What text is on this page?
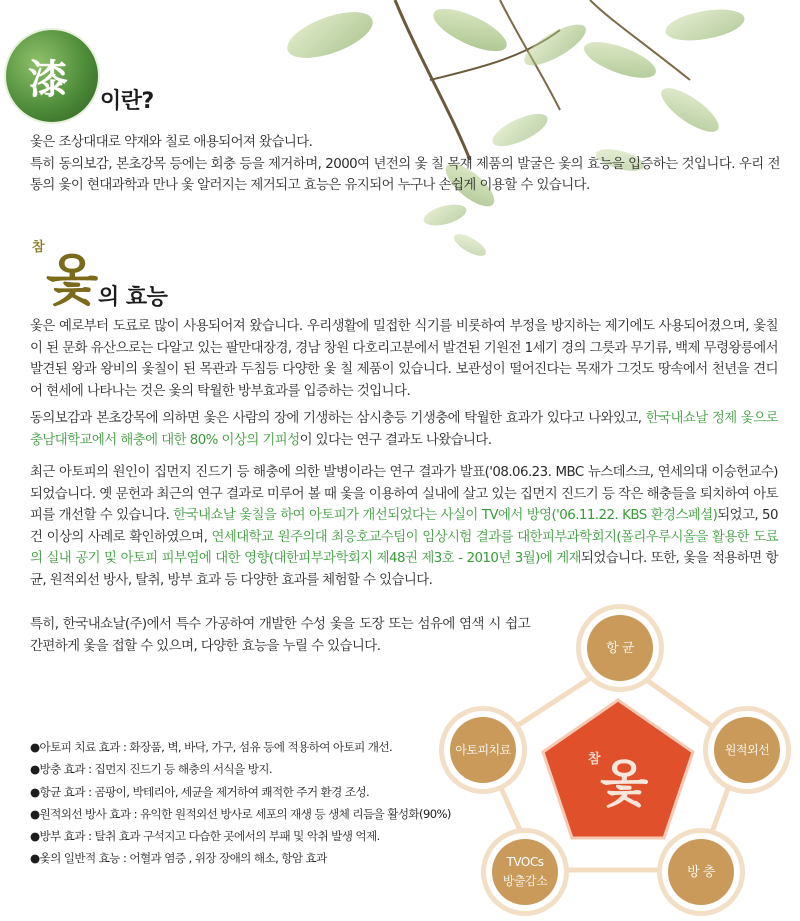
漆 이란?
옻은 조상대대로 약재와 칠로 애용되어져 왔습니다.
특히 동의보감, 본초강목 등에는 회충 등을 제거하며, 2000여 년전의 옻 칠 목재 제품의 발굴은 옻의 효능을 입증하는 것입니다. 우리 전통의 옻이 현대과학과 만나 옻 알러지는 제거되고 효능은 유지되어 누구나 손쉽게 이용할 수 있습니다.
참
옻 의 효능
옻은 예로부터 도료로 많이 사용되어져 왔습니다. 우리생활에 밀접한 식기를 비롯하여 부정을 방지하는 제기에도 사용되어졌으며, 옻칠이 된 문화 유산으로는 다알고 있는 팔만대장경, 경남 창원 다호리고분에서 발견된 기원전 1세기 경의 그릇과 무기류, 백제 무령왕릉에서 발견된 왕과 왕비의 옻칠이 된 목관과 두침등 다양한 옻 칠 제품이 있습니다. 보관성이 떨어진다는 목재가 그것도 땅속에서 천년을 견디어 현세에 나타나는 것은 옻의 탁월한 방부효과를 입증하는 것입니다.
동의보감과 본초강목에 의하면 옻은 사람의 장에 기생하는 삼시충등 기생충에 탁월한 효과가 있다고 나와있고, 한국내쇼날 정제 옻으로 충남대학교에서 해충에 대한 80% 이상의 기피성이 있다는 연구 결과도 나왔습니다.
최근 아토피의 원인이 집먼지 진드기 등 해충에 의한 발병이라는 연구 결과가 발표('08.06.23. MBC 뉴스데스크, 연세의대 이승헌교수)되었습니다. 옛 문헌과 최근의 연구 결과로 미루어 볼 때 옻을 이용하여 실내에 살고 있는 집먼지 진드기 등 작은 해충들을 퇴치하여 아토피를 개선할 수 있습니다. 한국내쇼날 옻칠을 하여 아토피가 개선되었다는 사실이 TV에서 방영('06.11.22. KBS 환경스페셜)되었고, 50건 이상의 사례로 확인하였으며, 연세대학교 원주의대 최응호교수팀이 임상시험 결과를 대한피부과학회지(폴리우루시올을 활용한 도료의 실내 공기 및 아토피 피부염에 대한 영향(대한피부과학회지 제48권 제3호 - 2010년 3월)에 게재되었습니다. 또한, 옻을 적용하면 항균, 원적외선 방사, 탈취, 방부 효과 등 다양한 효과를 체험할 수 있습니다.
특히, 한국내쇼날(주)에서 특수 가공하여 개발한 수성 옻을 도장 또는 섬유에 염색 시 쉽고 간편하게 옻을 접할 수 있으며, 다양한 효능을 누릴 수 있습니다.
●아토피 치료 효과 : 화장품, 벽, 바닥, 가구, 섬유 등에 적용하여 아토피 개선.
●방충 효과 : 집먼지 진드기 등 해충의 서식을 방지.
●항균 효과 : 곰팡이, 박테리아, 세균을 제거하여 쾌적한 주거 환경 조성.
●원적외선 방사 효과 : 유익한 원적외선 방사로 세포의 재생 등 생체 리듬을 활성화(90%)
●방부 효과 : 탈취 효과 구석지고 다습한 곳에서의 부패 및 악취 발생 억제.
●옻의 일반적 효능 : 어혈과 염증 , 위장 장애의 해소, 항암 효과
참 옻
항 균
아토피치료	원적외선
TVOCs
방출감소
방 충
